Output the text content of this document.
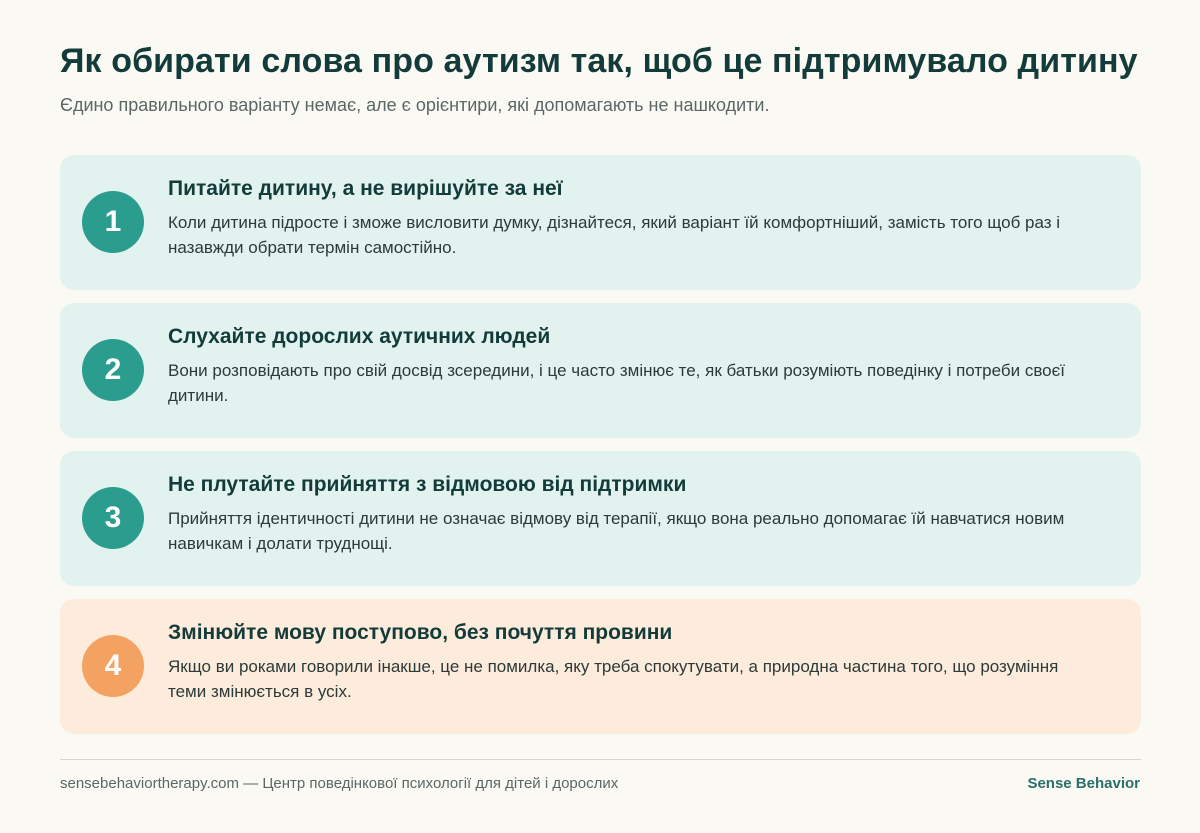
Як обирати слова про аутизм так, щоб це підтримувало дитину

Єдино правильного варіанту немає, але є орієнтири, які допомагають не нашкодити.

1
Питайте дитину, а не вирішуйте за неї
Коли дитина підросте і зможе висловити думку, дізнайтеся, який варіант їй комфортніший, замість того щоб раз і назавжди обрати термін самостійно.
2
Слухайте дорослих аутичних людей
Вони розповідають про свій досвід зсередини, і це часто змінює те, як батьки розуміють поведінку і потреби своєї дитини.
3
Не плутайте прийняття з відмовою від підтримки
Прийняття ідентичності дитини не означає відмову від терапії, якщо вона реально допомагає їй навчатися новим навичкам і долати труднощі.
4
Змінюйте мову поступово, без почуття провини
Якщо ви роками говорили інакше, це не помилка, яку треба спокутувати, а природна частина того, що розуміння теми змінюється в усіх.
sensebehaviortherapy.com — Центр поведінкової психології для дітей і дорослих	Sense Behavior
